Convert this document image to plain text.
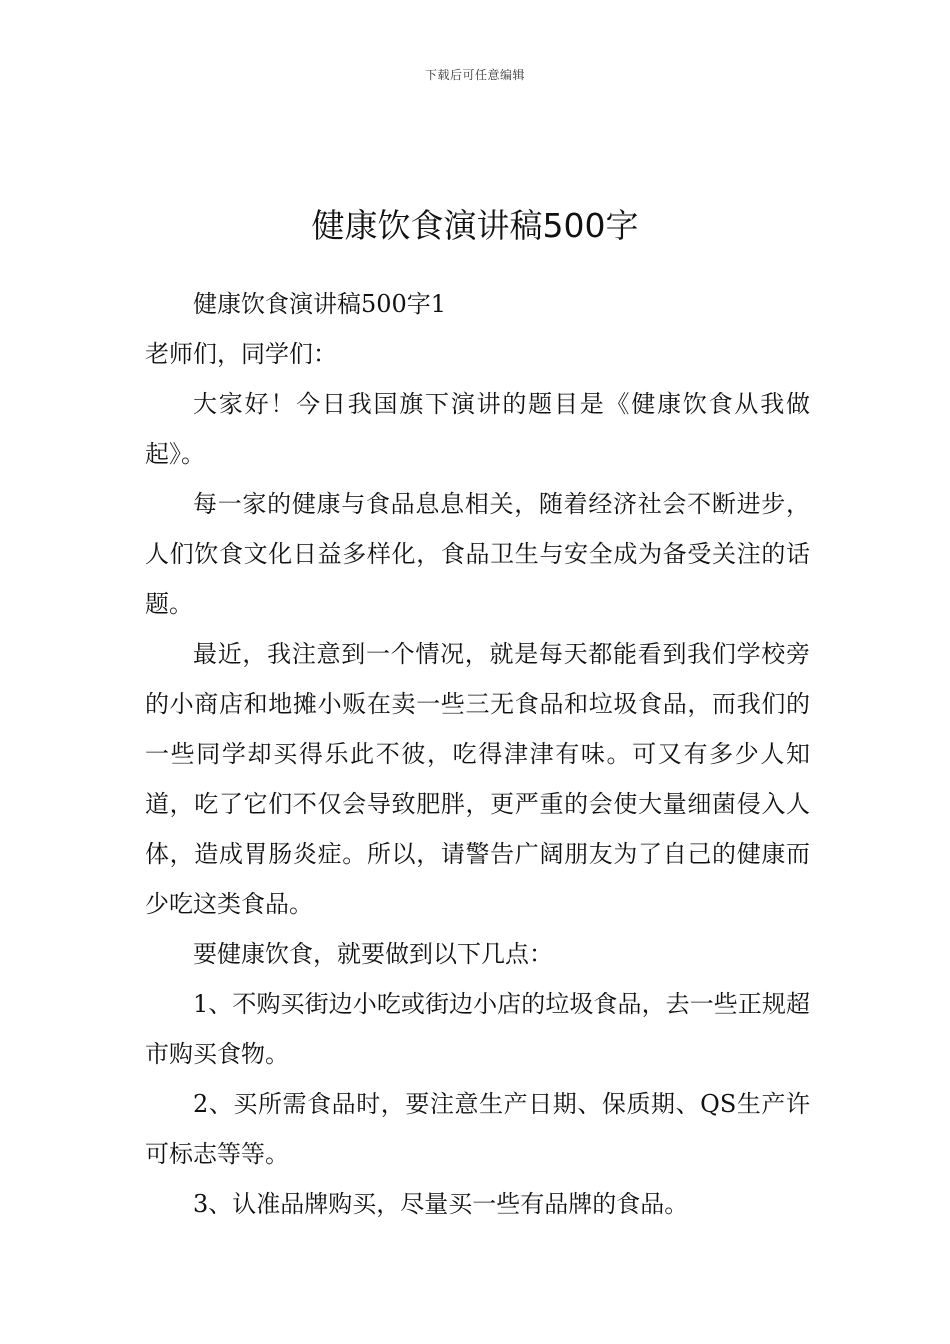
下载后可任意编辑
健康饮食演讲稿500字

健康饮食演讲稿500字1

老师们，同学们：

大家好！今日我国旗下演讲的题目是《健康饮食从我做起》。

每一家的健康与食品息息相关，随着经济社会不断进步，人们饮食文化日益多样化，食品卫生与安全成为备受关注的话题。

最近，我注意到一个情况，就是每天都能看到我们学校旁的小商店和地摊小贩在卖一些三无食品和垃圾食品，而我们的一些同学却买得乐此不彼，吃得津津有味。可又有多少人知道，吃了它们不仅会导致肥胖，更严重的会使大量细菌侵入人体，造成胃肠炎症。所以，请警告广阔朋友为了自己的健康而少吃这类食品。

要健康饮食，就要做到以下几点：

1、不购买街边小吃或街边小店的垃圾食品，去一些正规超市购买食物。

2、买所需食品时，要注意生产日期、保质期、QS生产许可标志等等。

3、认准品牌购买，尽量买一些有品牌的食品。
